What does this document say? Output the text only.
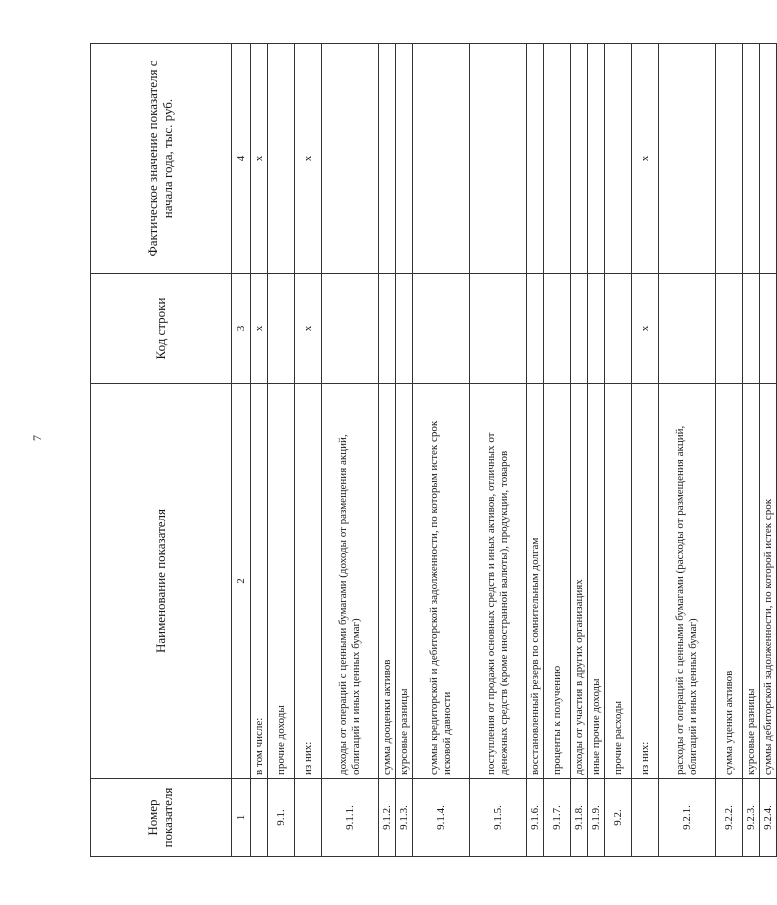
7
Номер показателя	Наименование показателя	Код строки	Фактическое значение показателя с начала года, тыс. руб.
1	2	3	4
	в том числе:	x	x
9.1.	прочие доходы		
	из них:	x	x
9.1.1.	доходы от операций с ценными бумагами (доходы от размещения акций, облигаций и иных ценных бумаг)		
9.1.2.	сумма дооценки активов		
9.1.3.	курсовые разницы		
9.1.4.	суммы кредиторской и дебиторской задолженности, по которым истек срок исковой давности		
9.1.5.	поступления от продажи основных средств и иных активов, отличных от денежных средств (кроме иностранной валюты), продукции, товаров		
9.1.6.	восстановленный резерв по сомнительным долгам		
9.1.7.	проценты к получению		
9.1.8.	доходы от участия в других организациях		
9.1.9.	иные прочие доходы		
9.2.	прочие расходы		
	из них:	x	x
9.2.1.	расходы от операций с ценными бумагами (расходы от размещения акций, облигаций и иных ценных бумаг)		
9.2.2.	сумма уценки активов		
9.2.3.	курсовые разницы		
9.2.4.	суммы дебиторской задолженности, по которой истек срок		
